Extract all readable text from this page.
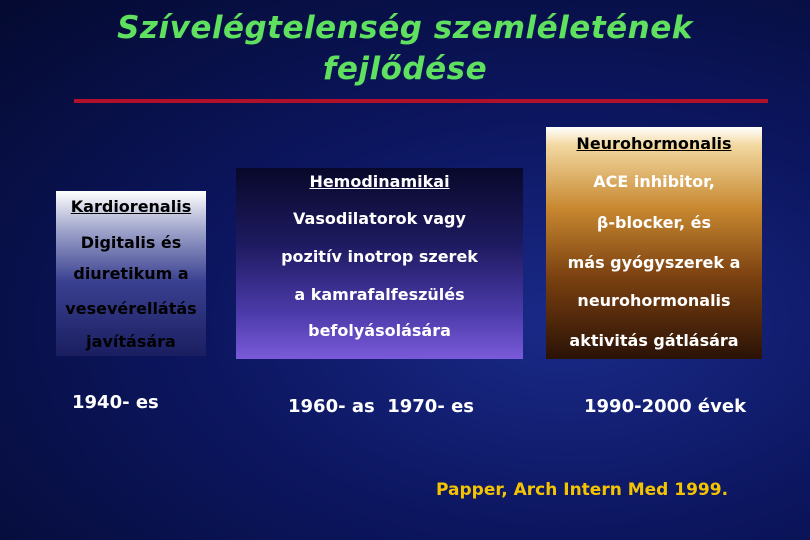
Szívelégtelenség szemléletének
fejlődése
Kardiorenalis
Digitalis és
diuretikum a
vesevérellátás
javítására
1940- es
Hemodinamikai
Vasodilatorok vagy
pozitív inotrop szerek
a kamrafalfeszülés
befolyásolására
1960- as  1970- es
Neurohormonalis
ACE inhibitor,
β-blocker, és
más gyógyszerek a
neurohormonalis
aktivitás gátlására
1990-2000 évek
Papper, Arch Intern Med 1999.
